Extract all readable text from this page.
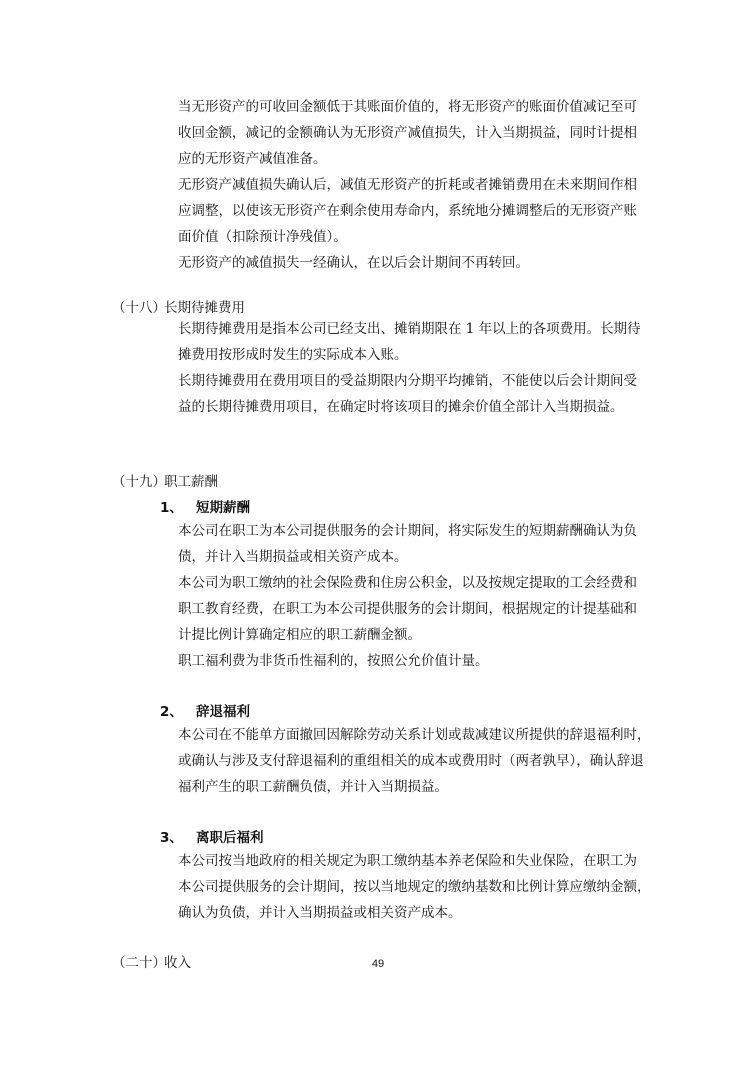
当无形资产的可收回金额低于其账面价值的，将无形资产的账面价值减记至可
收回金额，减记的金额确认为无形资产减值损失，计入当期损益，同时计提相
应的无形资产减值准备。

无形资产减值损失确认后，减值无形资产的折耗或者摊销费用在未来期间作相
应调整，以使该无形资产在剩余使用寿命内，系统地分摊调整后的无形资产账
面价值（扣除预计净残值）。

无形资产的减值损失一经确认，在以后会计期间不再转回。

（十八）长期待摊费用

长期待摊费用是指本公司已经支出、摊销期限在 1 年以上的各项费用。长期待
摊费用按形成时发生的实际成本入账。

长期待摊费用在费用项目的受益期限内分期平均摊销，不能使以后会计期间受
益的长期待摊费用项目，在确定时将该项目的摊余价值全部计入当期损益。

（十九）职工薪酬
1、 短期薪酬

本公司在职工为本公司提供服务的会计期间，将实际发生的短期薪酬确认为负
债，并计入当期损益或相关资产成本。

本公司为职工缴纳的社会保险费和住房公积金，以及按规定提取的工会经费和
职工教育经费，在职工为本公司提供服务的会计期间，根据规定的计提基础和
计提比例计算确定相应的职工薪酬金额。

职工福利费为非货币性福利的，按照公允价值计量。

2、 辞退福利

本公司在不能单方面撤回因解除劳动关系计划或裁减建议所提供的辞退福利时，
或确认与涉及支付辞退福利的重组相关的成本或费用时（两者孰早），确认辞退
福利产生的职工薪酬负债，并计入当期损益。

3、 离职后福利

本公司按当地政府的相关规定为职工缴纳基本养老保险和失业保险，在职工为
本公司提供服务的会计期间，按以当地规定的缴纳基数和比例计算应缴纳金额，
确认为负债，并计入当期损益或相关资产成本。

（二十）收入	49
